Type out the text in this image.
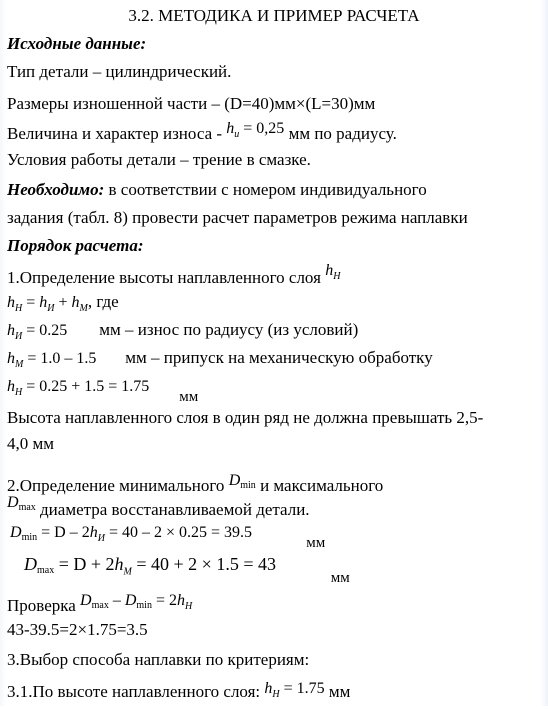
3.2. МЕТОДИКА И ПРИМЕР РАСЧЕТА
Исходные данные:
Тип детали – цилиндрический.
Размеры изношенной части – (D=40)мм×(L=30)мм
Величина и характер износа - $h_и = 0,25$ мм по радиусу.
Условия работы детали – трение в смазке.
Необходимо: в соответствии с номером индивидуального
задания (табл. 8) провести расчет параметров режима наплавки
Порядок расчета:
1.Определение высоты наплавленного слоя $h_Н$
$h_Н = h_И + h_М$, где
$h_И = 0.25$ мм – износ по радиусу (из условий)
$h_М = 1.0 - 1.5$ мм – припуск на механическую обработку
$h_Н = 0.25 + 1.5 = 1.75$ мм
Высота наплавленного слоя в один ряд не должна превышать 2,5-
4,0 мм
2.Определение минимального Dmin и максимального
Dmax диаметра восстанавливаемой детали.
$Dmin = D - 2h_И = 40 - 2 \times 0.25 = 39.5$ мм
$Dmax = D + 2h_М = 40 + 2 \times 1.5 = 43$ $_{мм}$
Проверка $Dmax - Dmin = 2h_Н$
43-39.5=2×1.75=3.5
3.Выбор способа наплавки по критериям:
3.1.По высоте наплавленного слоя: $h_Н = 1.75$ мм
